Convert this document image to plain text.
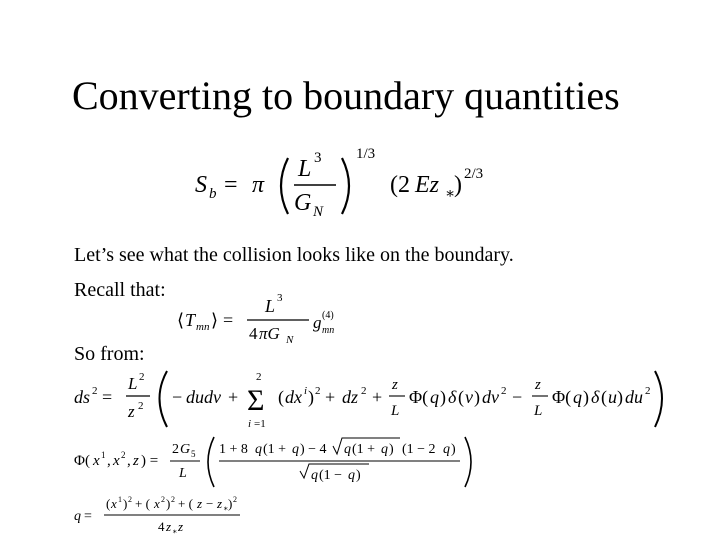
Converting to boundary quantities
S b = π
L 3
G N
1/3
(2 Ez ∗
) 2/3
Let’s see what the collision looks like on the boundary.
Recall that:
⟨ T mn ⟩ =
L 3
4 πG N
g (4)
mn
So from:
ds 2 =
L 2
z 2 − dudv +
2
Σ
i =1
( dx i ) 2 + dz 2 +
z
L
Φ( q ) δ ( v ) dv 2 −
z
L
Φ( q ) δ ( u ) du 2
Φ( x 1 , x 2 , z ) =
2 G 5
L
1 + 8 q (1 + q ) − 4 q (1 + q ) (1 − 2 q )
q (1 − q )
q =
( x 1 ) 2 + ( x 2 ) 2 + ( z − z ∗ ) 2
4 z ∗ z
